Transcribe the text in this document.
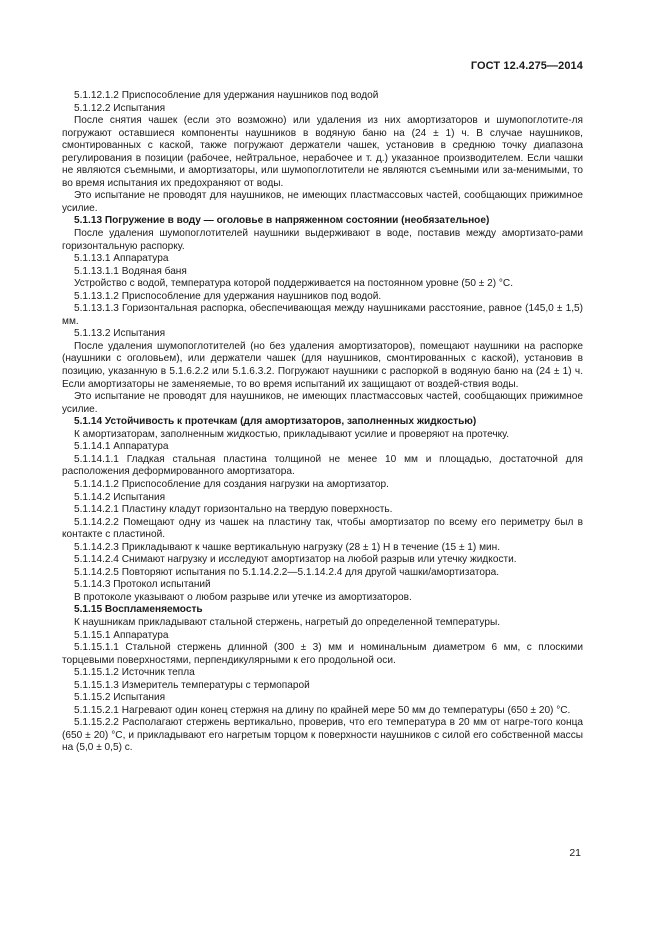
ГОСТ 12.4.275—2014

5.1.12.1.2 Приспособление для удержания наушников под водой

5.1.12.2 Испытания

После снятия чашек (если это возможно) или удаления из них амортизаторов и шумопоглотите-ля погружают оставшиеся компоненты наушников в водяную баню на (24 ± 1) ч. В случае наушников, смонтированных с каской, также погружают держатели чашек, установив в среднюю точку диапазона регулирования в позиции (рабочее, нейтральное, нерабочее и т. д.) указанное производителем. Если чашки не являются съемными, и амортизаторы, или шумопоглотители не являются съемными или за-менимыми, то во время испытания их предохраняют от воды.

Это испытание не проводят для наушников, не имеющих пластмассовых частей, сообщающих прижимное усилие.

5.1.13 Погружение в воду — оголовье в напряженном состоянии (необязательное)

После удаления шумопоглотителей наушники выдерживают в воде, поставив между амортизато-рами горизонтальную распорку.

5.1.13.1 Аппаратура

5.1.13.1.1 Водяная баня

Устройство с водой, температура которой поддерживается на постоянном уровне (50 ± 2) °С.

5.1.13.1.2 Приспособление для удержания наушников под водой.

5.1.13.1.3 Горизонтальная распорка, обеспечивающая между наушниками расстояние, равное (145,0 ± 1,5) мм.

5.1.13.2 Испытания

После удаления шумопоглотителей (но без удаления амортизаторов), помещают наушники на распорке (наушники с оголовьем), или держатели чашек (для наушников, смонтированных с каской), установив в позицию, указанную в 5.1.6.2.2 или 5.1.6.3.2. Погружают наушники с распоркой в водяную баню на (24 ± 1) ч. Если амортизаторы не заменяемые, то во время испытаний их защищают от воздей-ствия воды.

Это испытание не проводят для наушников, не имеющих пластмассовых частей, сообщающих прижимное усилие.

5.1.14 Устойчивость к протечкам (для амортизаторов, заполненных жидкостью)

К амортизаторам, заполненным жидкостью, прикладывают усилие и проверяют на протечку.

5.1.14.1 Аппаратура

5.1.14.1.1 Гладкая стальная пластина толщиной не менее 10 мм и площадью, достаточной для расположения деформированного амортизатора.

5.1.14.1.2 Приспособление для создания нагрузки на амортизатор.

5.1.14.2 Испытания

5.1.14.2.1 Пластину кладут горизонтально на твердую поверхность.

5.1.14.2.2 Помещают одну из чашек на пластину так, чтобы амортизатор по всему его периметру был в контакте с пластиной.

5.1.14.2.3 Прикладывают к чашке вертикальную нагрузку (28 ± 1) Н в течение (15 ± 1) мин.

5.1.14.2.4 Снимают нагрузку и исследуют амортизатор на любой разрыв или утечку жидкости.

5.1.14.2.5 Повторяют испытания по 5.1.14.2.2—5.1.14.2.4 для другой чашки/амортизатора.

5.1.14.3 Протокол испытаний

В протоколе указывают о любом разрыве или утечке из амортизаторов.

5.1.15 Воспламеняемость

К наушникам прикладывают стальной стержень, нагретый до определенной температуры.

5.1.15.1 Аппаратура

5.1.15.1.1 Стальной стержень длинной (300 ± 3) мм и номинальным диаметром 6 мм, с плоскими торцевыми поверхностями, перпендикулярными к его продольной оси.

5.1.15.1.2 Источник тепла

5.1.15.1.3 Измеритель температуры с термопарой

5.1.15.2 Испытания

5.1.15.2.1 Нагревают один конец стержня на длину по крайней мере 50 мм до температуры (650 ± 20) °С.

5.1.15.2.2 Располагают стержень вертикально, проверив, что его температура в 20 мм от нагре-того конца (650 ± 20) °С, и прикладывают его нагретым торцом к поверхности наушников с силой его собственной массы на (5,0 ± 0,5) с.

21
